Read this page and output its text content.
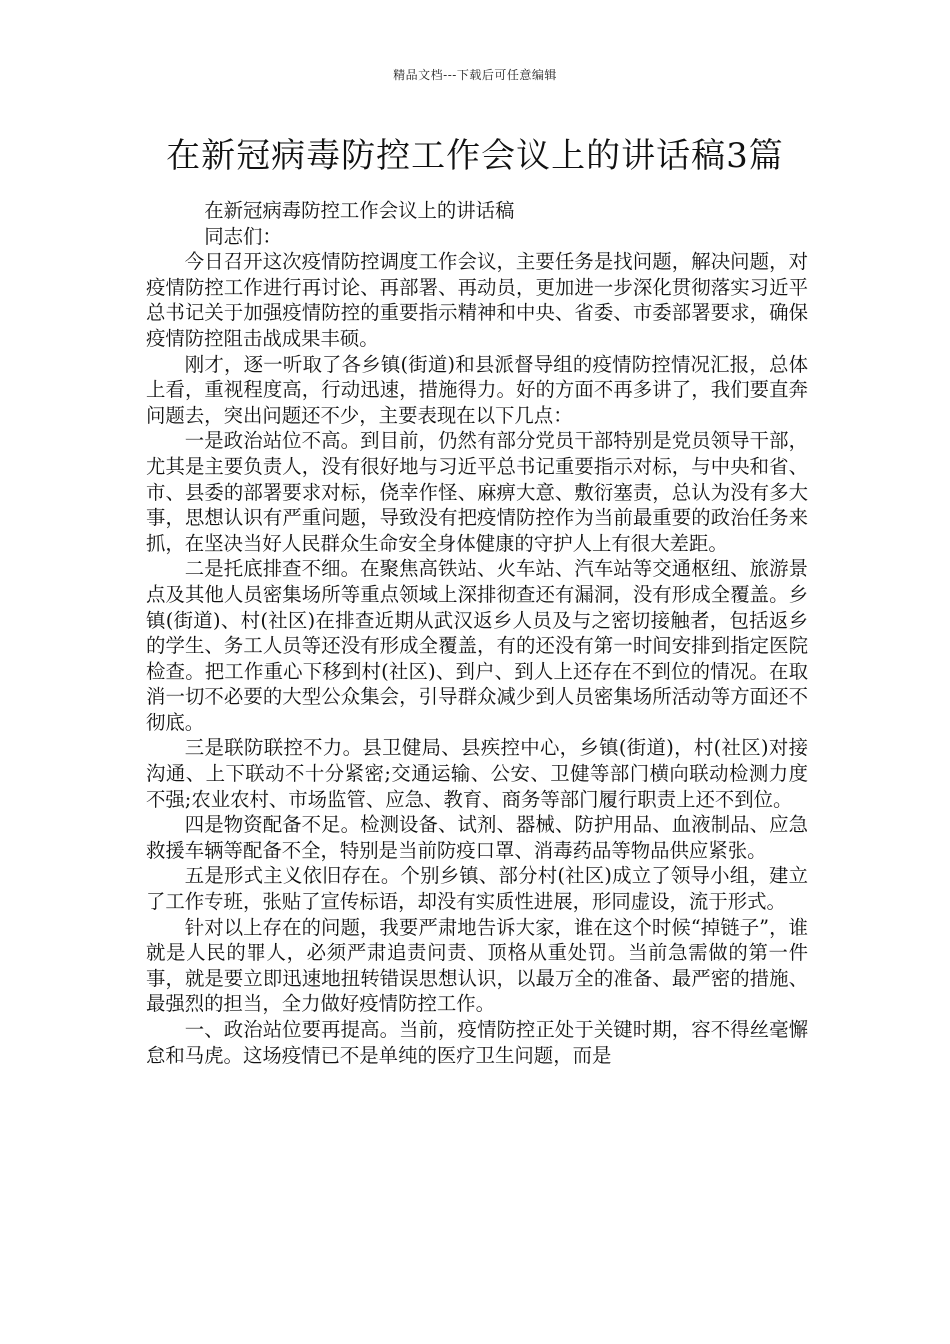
精品文档---下载后可任意编辑
在新冠病毒防控工作会议上的讲话稿3篇

在新冠病毒防控工作会议上的讲话稿

同志们：

今日召开这次疫情防控调度工作会议，主要任务是找问题，解决问题，对疫情防控工作进行再讨论、再部署、再动员，更加进一步深化贯彻落实习近平总书记关于加强疫情防控的重要指示精神和中央、省委、市委部署要求，确保疫情防控阻击战成果丰硕。

刚才，逐一听取了各乡镇(街道)和县派督导组的疫情防控情况汇报，总体上看，重视程度高，行动迅速，措施得力。好的方面不再多讲了，我们要直奔问题去，突出问题还不少，主要表现在以下几点：

一是政治站位不高。到目前，仍然有部分党员干部特别是党员领导干部，尤其是主要负责人，没有很好地与习近平总书记重要指示对标，与中央和省、市、县委的部署要求对标，侥幸作怪、麻痹大意、敷衍塞责，总认为没有多大事，思想认识有严重问题，导致没有把疫情防控作为当前最重要的政治任务来抓，在坚决当好人民群众生命安全身体健康的守护人上有很大差距。

二是托底排查不细。在聚焦高铁站、火车站、汽车站等交通枢纽、旅游景点及其他人员密集场所等重点领域上深排彻查还有漏洞，没有形成全覆盖。乡镇(街道)、村(社区)在排查近期从武汉返乡人员及与之密切接触者，包括返乡的学生、务工人员等还没有形成全覆盖，有的还没有第一时间安排到指定医院检查。把工作重心下移到村(社区)、到户、到人上还存在不到位的情况。在取消一切不必要的大型公众集会，引导群众减少到人员密集场所活动等方面还不彻底。

三是联防联控不力。县卫健局、县疾控中心，乡镇(街道)，村(社区)对接沟通、上下联动不十分紧密;交通运输、公安、卫健等部门横向联动检测力度不强;农业农村、市场监管、应急、教育、商务等部门履行职责上还不到位。

四是物资配备不足。检测设备、试剂、器械、防护用品、血液制品、应急救援车辆等配备不全，特别是当前防疫口罩、消毒药品等物品供应紧张。

五是形式主义依旧存在。个别乡镇、部分村(社区)成立了领导小组，建立了工作专班，张贴了宣传标语，却没有实质性进展，形同虚设，流于形式。

针对以上存在的问题，我要严肃地告诉大家，谁在这个时候“掉链子”，谁就是人民的罪人，必须严肃追责问责、顶格从重处罚。当前急需做的第一件事，就是要立即迅速地扭转错误思想认识，以最万全的准备、最严密的措施、最强烈的担当，全力做好疫情防控工作。

一、政治站位要再提高。当前，疫情防控正处于关键时期，容不得丝毫懈怠和马虎。这场疫情已不是单纯的医疗卫生问题，而是
